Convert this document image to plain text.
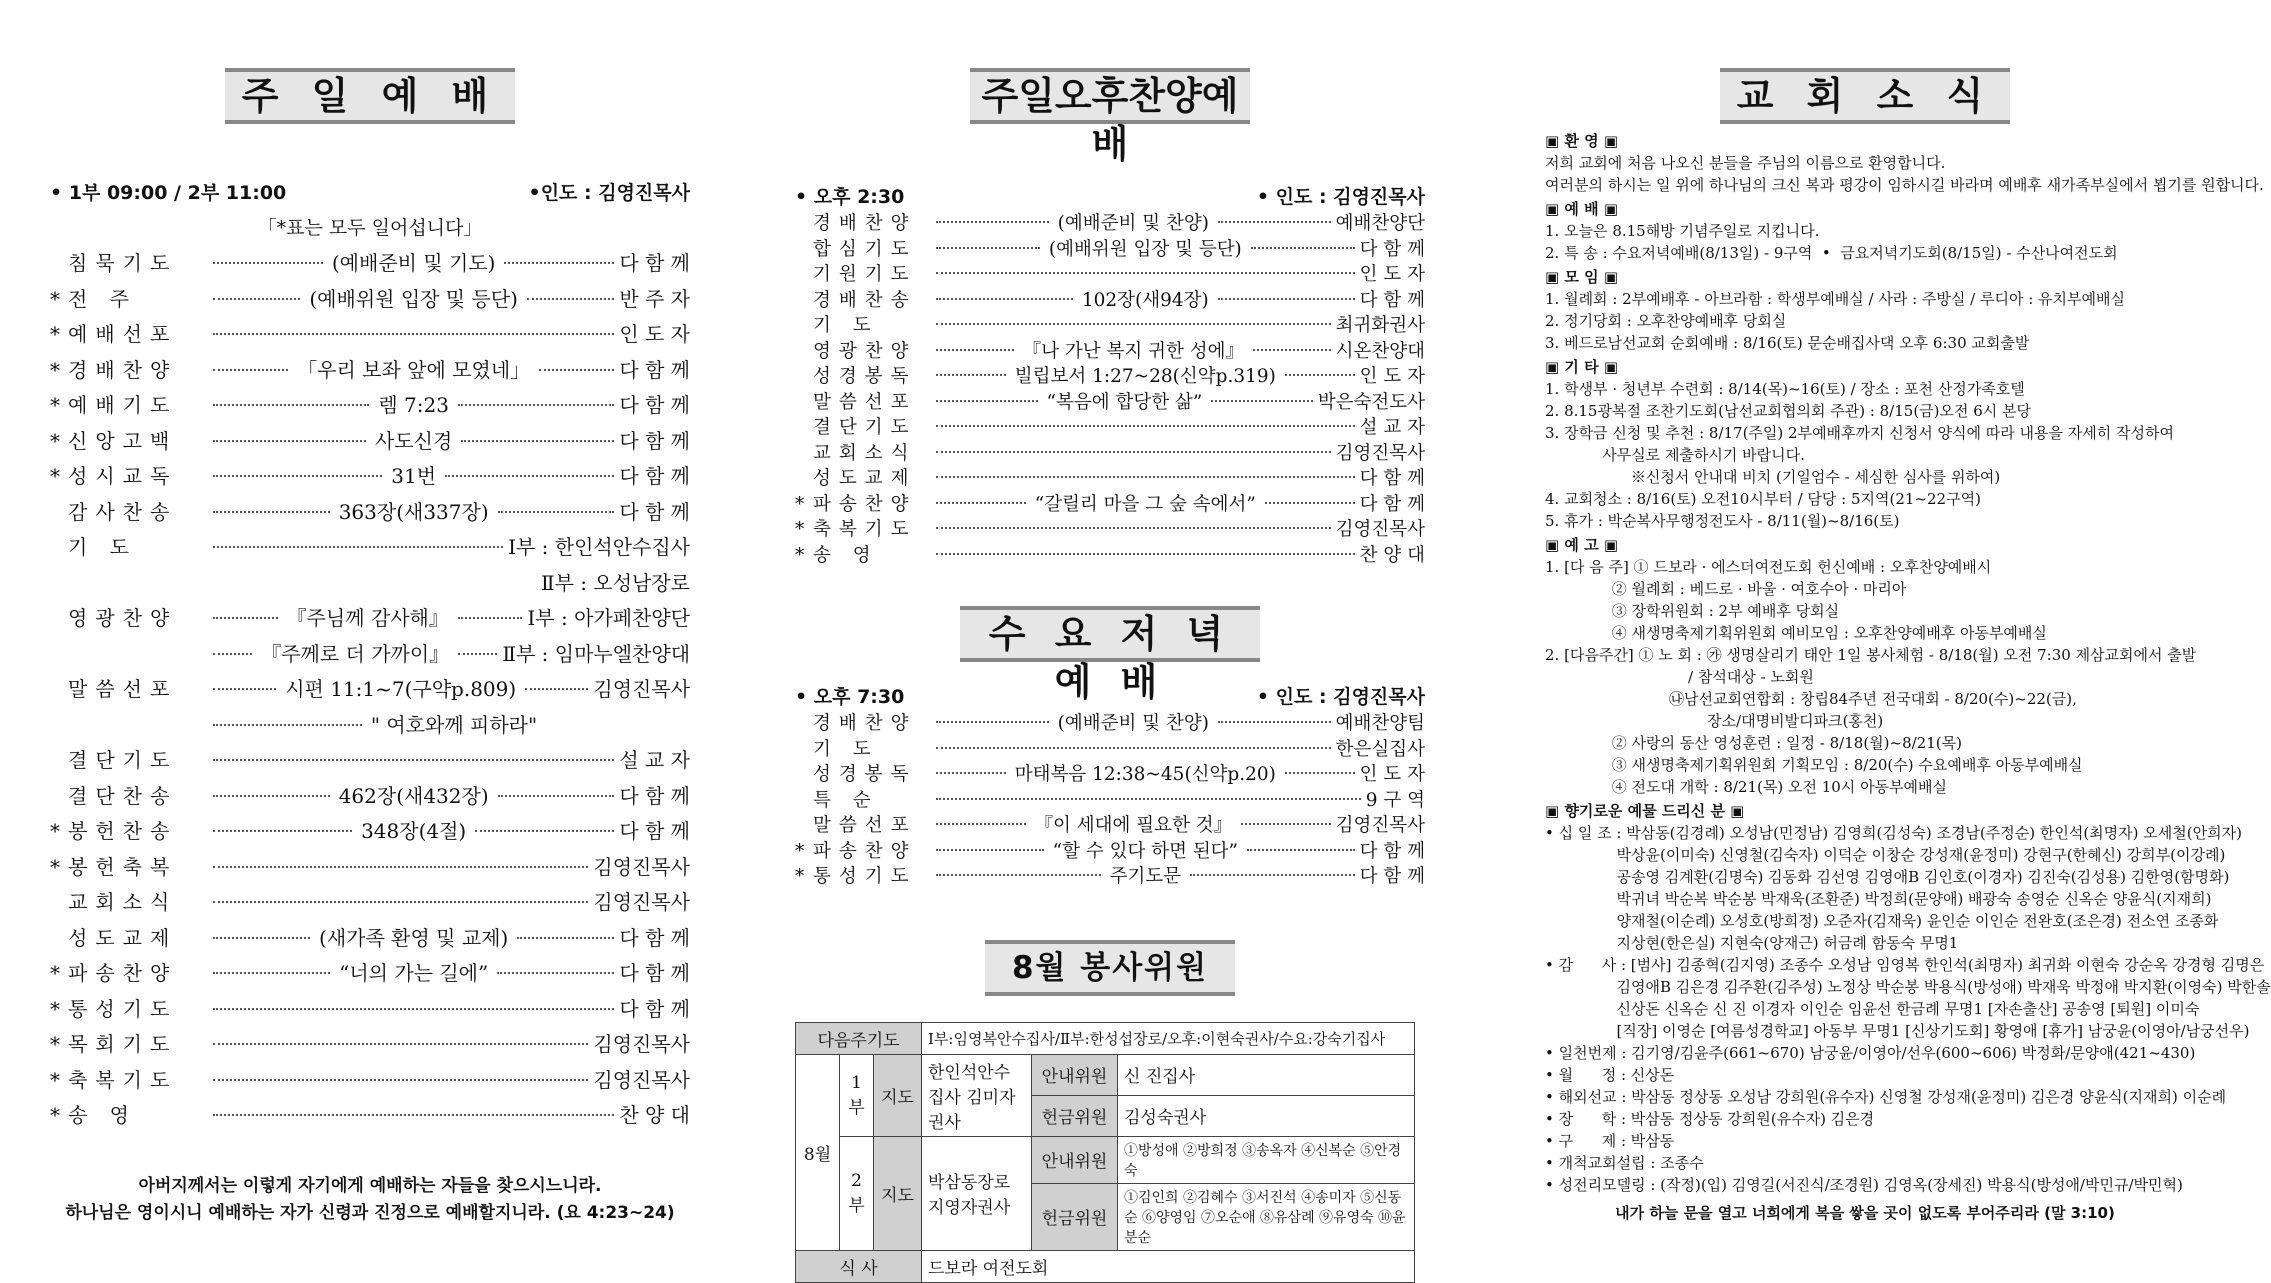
주 일 예 배
• 1부 09:00 / 2부 11:00	•인도 : 김영진목사
「*표는 모두 일어섭니다」
침묵기도	(예배준비 및 기도)	다 함 께
* 전 주	(예배위원 입장 및 등단)	반 주 자
* 예배선포	인 도 자
* 경배찬양	「우리 보좌 앞에 모였네」	다 함 께
* 예배기도	렘 7:23	다 함 께
* 신앙고백	사도신경	다 함 께
* 성시교독	31번	다 함 께
감사찬송	363장(새337장)	다 함 께
기 도	Ⅰ부 : 한인석안수집사
Ⅱ부 : 오성남장로
영광찬양	『주님께 감사해』	Ⅰ부 : 아가페찬양단
『주께로 더 가까이』	Ⅱ부 : 임마누엘찬양대
말씀선포	시편 11:1~7(구약p.809)	김영진목사
" 여호와께 피하라"
결단기도	설 교 자
결단찬송	462장(새432장)	다 함 께
* 봉헌찬송	348장(4절)	다 함 께
* 봉헌축복	김영진목사
교회소식	김영진목사
성도교제	(새가족 환영 및 교제)	다 함 께
* 파송찬양	“너의 가는 길에”	다 함 께
* 통성기도	다 함 께
* 목회기도	김영진목사
* 축복기도	김영진목사
* 송 영	찬 양 대
아버지께서는 이렇게 자기에게 예배하는 자들을 찾으시느니라.
하나님은 영이시니 예배하는 자가 신령과 진정으로 예배할지니라. (요 4:23~24)
주일오후찬양예배
• 오후 2:30	• 인도 : 김영진목사
경배찬양	(예배준비 및 찬양)	예배찬양단
합심기도	(예배위원 입장 및 등단)	다 함 께
기원기도	인 도 자
경배찬송	102장(새94장)	다 함 께
기 도	최귀화권사
영광찬양	『나 가난 복지 귀한 성에』	시온찬양대
성경봉독	빌립보서 1:27~28(신약p.319)	인 도 자
말씀선포	“복음에 합당한 삶”	박은숙전도사
결단기도	설 교 자
교회소식	김영진목사
성도교제	다 함 께
* 파송찬양	“갈릴리 마을 그 숲 속에서”	다 함 께
* 축복기도	김영진목사
* 송 영	찬 양 대
수 요 저 녁 예 배
• 오후 7:30	• 인도 : 김영진목사
경배찬양	(예배준비 및 찬양)	예배찬양팀
기 도	한은실집사
성경봉독	마태복음 12:38~45(신약p.20)	인 도 자
특 순	9 구 역
말씀선포	『이 세대에 필요한 것』	김영진목사
* 파송찬양	“할 수 있다 하면 된다”	다 함 께
* 통성기도	주기도문	다 함 께
8월 봉사위원
다음주기도			Ⅰ부:임영복안수집사/Ⅱ부:한성섭장로/오후:이현숙권사/수요:강숙기집사		
8월	1부	지도	한인석안수집사 김미자권사	안내위원	신 진집사
				헌금위원	김성숙권사
	2부	지도	박삼동장로 지영자권사	안내위원	①방성애 ②방희정 ③송옥자 ④신복순 ⑤안경숙
				헌금위원	①김인희 ②김혜수 ③서진석 ④송미자 ⑤신동순 ⑥양영임 ⑦오순애 ⑧유삼례 ⑨유영숙 ⑩윤분순
식 사			드보라 여전도회		
교 회 소 식

▣ 환 영 ▣

저희 교회에 처음 나오신 분들을 주님의 이름으로 환영합니다.

여러분의 하시는 일 위에 하나님의 크신 복과 평강이 임하시길 바라며 예배후 새가족부실에서 뵙기를 원합니다.

▣ 예 배 ▣

1. 오늘은 8.15해방 기념주일로 지킵니다.

2. 특 송 : 수요저녁예배(8/13일) - 9구역  •  금요저녁기도회(8/15일) - 수산나여전도회

▣ 모 임 ▣

1. 월례회 : 2부예배후 - 아브라함 : 학생부예배실 / 사라 : 주방실 / 루디아 : 유치부예배실

2. 정기당회 : 오후찬양예배후 당회실

3. 베드로남선교회 순회예배 : 8/16(토) 문순배집사댁 오후 6:30 교회출발

▣ 기 타 ▣

1. 학생부 · 청년부 수련회 : 8/14(목)~16(토) / 장소 : 포천 산정가족호텔

2. 8.15광복절 조찬기도회(남선교회협의회 주관) : 8/15(금)오전 6시 본당

3. 장학금 신청 및 추천 : 8/17(주일) 2부예배후까지 신청서 양식에 따라 내용을 자세히 작성하여

사무실로 제출하시기 바랍니다.

※신청서 안내대 비치 (기일엄수 - 세심한 심사를 위하여)

4. 교회청소 : 8/16(토) 오전10시부터 / 담당 : 5지역(21~22구역)

5. 휴가 : 박순복사무행정전도사 - 8/11(월)~8/16(토)

▣ 예 고 ▣

1. [다 음 주] ① 드보라 · 에스더여전도회 헌신예배 : 오후찬양예배시

② 월례회 : 베드로 · 바울 · 여호수아 · 마리아

③ 장학위원회 : 2부 예배후 당회실

④ 새생명축제기획위원회 예비모임 : 오후찬양예배후 아동부예배실

2. [다음주간] ① 노 회 : ㉮ 생명살리기 태안 1일 봉사체험 - 8/18(월) 오전 7:30 제삼교회에서 출발

/ 참석대상 - 노회원

㉯남선교회연합회 : 창립84주년 전국대회 - 8/20(수)~22(금),

장소/대명비발디파크(홍천)

② 사랑의 동산 영성훈련 : 일정 - 8/18(월)~8/21(목)

③ 새생명축제기획위원회 기획모임 : 8/20(수) 수요예배후 아동부예배실

④ 전도대 개학 : 8/21(목) 오전 10시 아동부예배실

▣ 향기로운 예물 드리신 분 ▣

• 십 일 조 : 박삼동(김경례) 오성남(민정남) 김영희(김성숙) 조경남(주정순) 한인석(최명자) 오세철(안희자)

박상윤(이미숙) 신영철(김숙자) 이덕순 이창순 강성재(윤정미) 강현구(한혜신) 강희부(이강례)

공송영 김계환(김명숙) 김동화 김선영 김영애B 김인호(이경자) 김진숙(김성용) 김한영(함명화)

박귀녀 박순복 박순봉 박재욱(조환준) 박정희(문양애) 배광숙 송영순 신옥순 양윤식(지재희)

양재철(이순례) 오성호(방희정) 오준자(김재욱) 윤인순 이인순 전완호(조은경) 전소연 조종화

지상현(한은실) 지현숙(양재근) 허금례 함동숙 무명1

• 감      사 : [범사] 김종혁(김지영) 조종수 오성남 임영복 한인석(최명자) 최귀화 이현숙 강순옥 강경형 김명은

김영애B 김은경 김주환(김주성) 노정상 박순봉 박용식(방성애) 박재욱 박정애 박지환(이영숙) 박한솔

신상돈 신옥순 신 진 이경자 이인순 임윤선 한금례 무명1 [자손출산] 공송영 [퇴원] 이미숙

[직장] 이영순 [여름성경학교] 아동부 무명1 [신상기도회] 황영애 [휴가] 남궁윤(이영아/남궁선우)

• 일천번제 : 김기영/김윤주(661~670) 남궁윤/이영아/선우(600~606) 박정화/문양애(421~430)

• 월      정 : 신상돈

• 해외선교 : 박삼동 정상동 오성남 강희원(유수자) 신영철 강성재(윤정미) 김은경 양윤식(지재희) 이순례

• 장      학 : 박삼동 정상동 강희원(유수자) 김은경

• 구      제 : 박삼동

• 개척교회설립 : 조종수

• 성전리모델링 : (작정)(입) 김영길(서진식/조경원) 김영옥(장세진) 박용식(방성애/박민규/박민혁)

내가 하늘 문을 열고 너희에게 복을 쌓을 곳이 없도록 부어주리라 (말 3:10)
